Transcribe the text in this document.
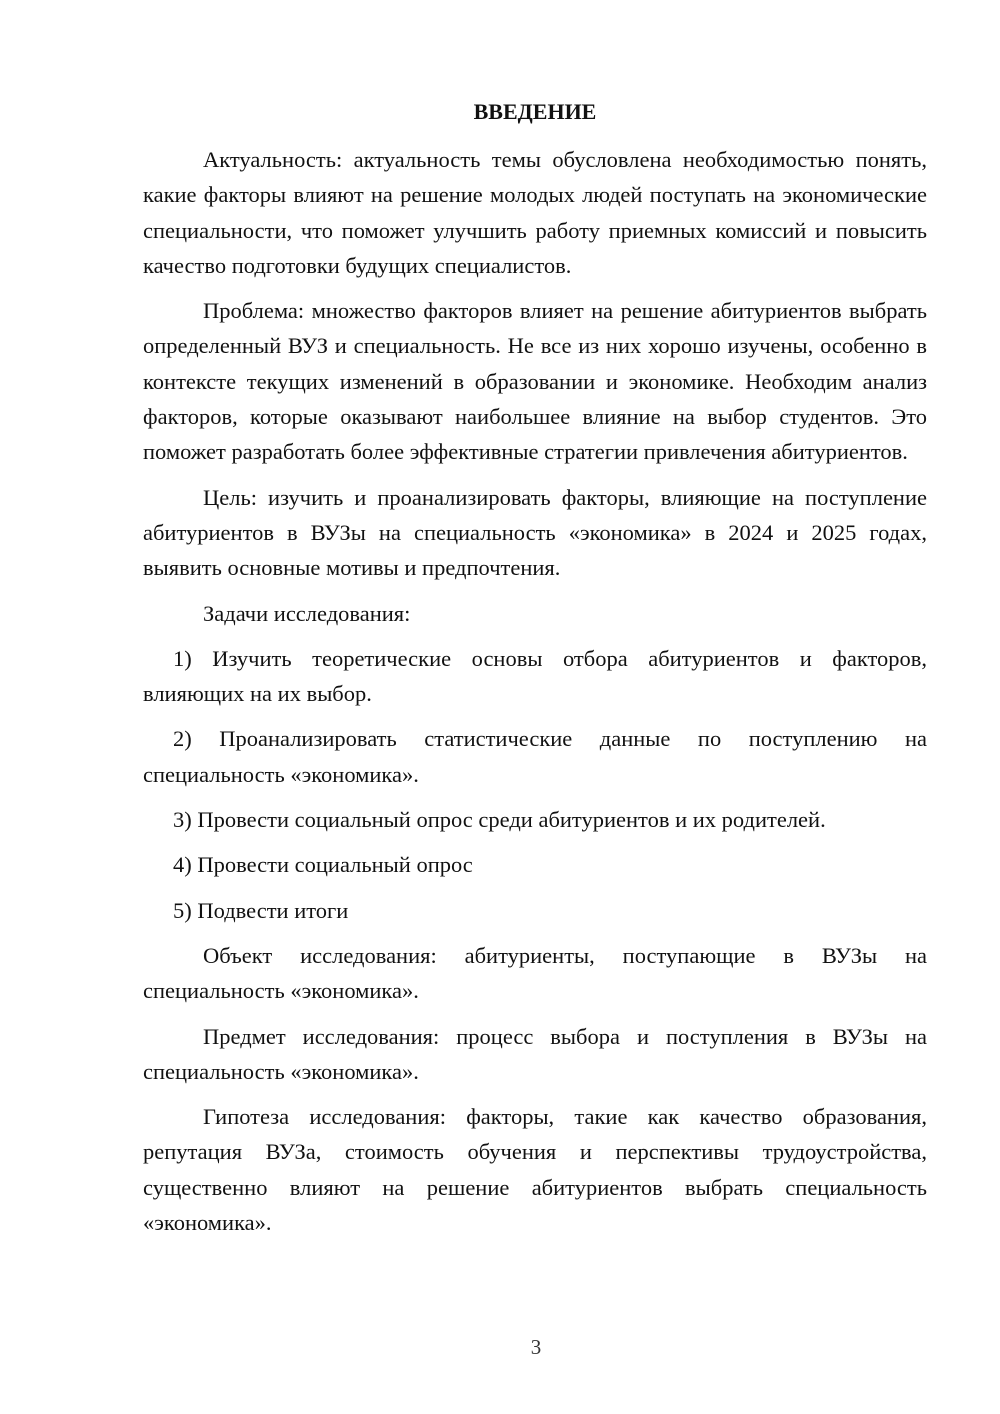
ВВЕДЕНИЕ

Актуальность: актуальность темы обусловлена необходимостью понять, какие факторы влияют на решение молодых людей поступать на экономические специальности, что поможет улучшить работу приемных комиссий и повысить качество подготовки будущих специалистов.

Проблема: множество факторов влияет на решение абитуриентов выбрать определенный ВУЗ и специальность. Не все из них хорошо изучены, особенно в контексте текущих изменений в образовании и экономике. Необходим анализ факторов, которые оказывают наибольшее влияние на выбор студентов. Это поможет разработать более эффективные стратегии привлечения абитуриентов.

Цель: изучить и проанализировать факторы, влияющие на поступление абитуриентов в ВУЗы на специальность «экономика» в 2024 и 2025 годах, выявить основные мотивы и предпочтения.

Задачи исследования:

1) Изучить теоретические основы отбора абитуриентов и факторов, влияющих на их выбор.

2) Проанализировать статистические данные по поступлению на специальность «экономика».

3) Провести социальный опрос среди абитуриентов и их родителей.

4) Провести социальный опрос

5) Подвести итоги

Объект исследования: абитуриенты, поступающие в ВУЗы на специальность «экономика».

Предмет исследования: процесс выбора и поступления в ВУЗы на специальность «экономика».

Гипотеза исследования: факторы, такие как качество образования, репутация ВУЗа, стоимость обучения и перспективы трудоустройства, существенно влияют на решение абитуриентов выбрать специальность «экономика».

3
